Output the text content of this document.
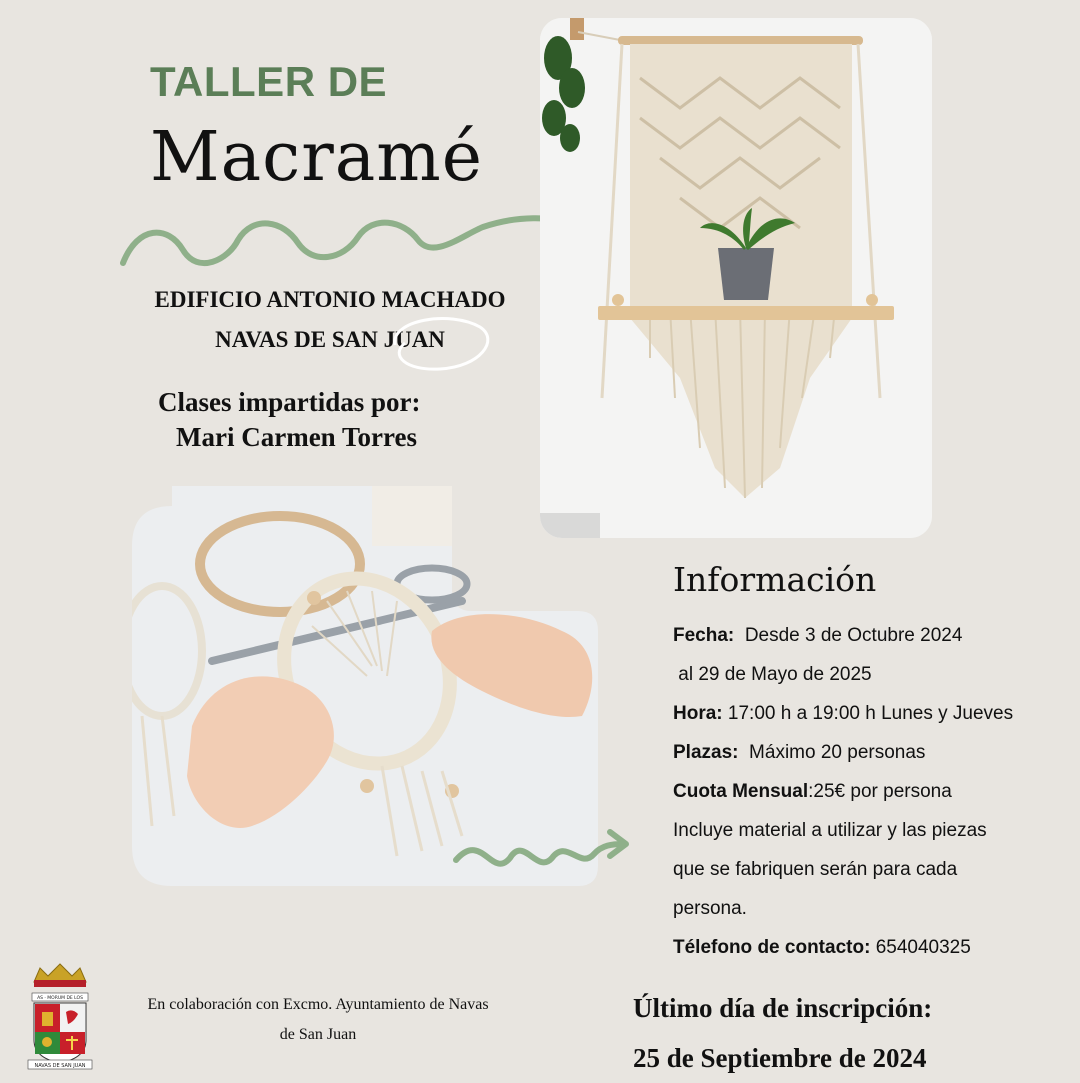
TALLER DE
Macramé
EDIFICIO ANTONIO MACHADO
NAVAS DE SAN JUAN
Clases impartidas por:
Mari Carmen Torres
Información
Fecha: Desde 3 de Octubre 2024
al 29 de Mayo de 2025
Hora: 17:00 h a 19:00 h Lunes y Jueves
Plazas: Máximo 20 personas
Cuota Mensual:25€ por persona
Incluye material a utilizar y las piezas
que se fabriquen serán para cada
persona.
Télefono de contacto: 654040325
Último día de inscripción:
25 de Septiembre de 2024
NAVAS DE SAN JUAN
AS · MORUM DE LOS	En colaboración con Excmo. Ayuntamiento de Navas
de San Juan
